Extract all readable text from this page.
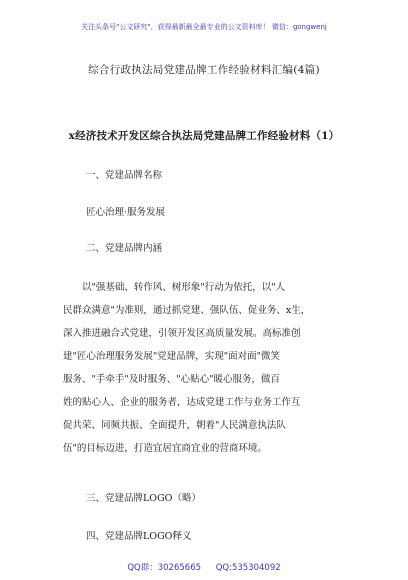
关注头条号"公文研究"，获得最新最全最专业的公文资料库！ 微信：gongwenj
综合行政执法局党建品牌工作经验材料汇编(4篇)
x经济技术开发区综合执法局党建品牌工作经验材料（1）
一、党建品牌名称
匠心治理·服务发展
二、党建品牌内涵
　　以"强基础、转作风、树形象"行动为依托，以"人
民群众满意"为准则，通过抓党建、强队伍、促业务、x生，
深入推进融合式党建，引领开发区高质量发展。高标准创
建"匠心治理服务发展"党建品牌，实现"面对面"微笑
服务、"手牵手"及时服务、"心贴心"暖心服务，做百
姓的贴心人、企业的服务者，达成党建工作与业务工作互
促共荣、同频共振、全面提升，朝着"人民满意执法队
伍"的目标迈进，打造宜居宜商宜业的营商环境。
三、党建品牌LOGO（略）
四、党建品牌LOGO释义
QQ群：30265665 QQ:535304092
